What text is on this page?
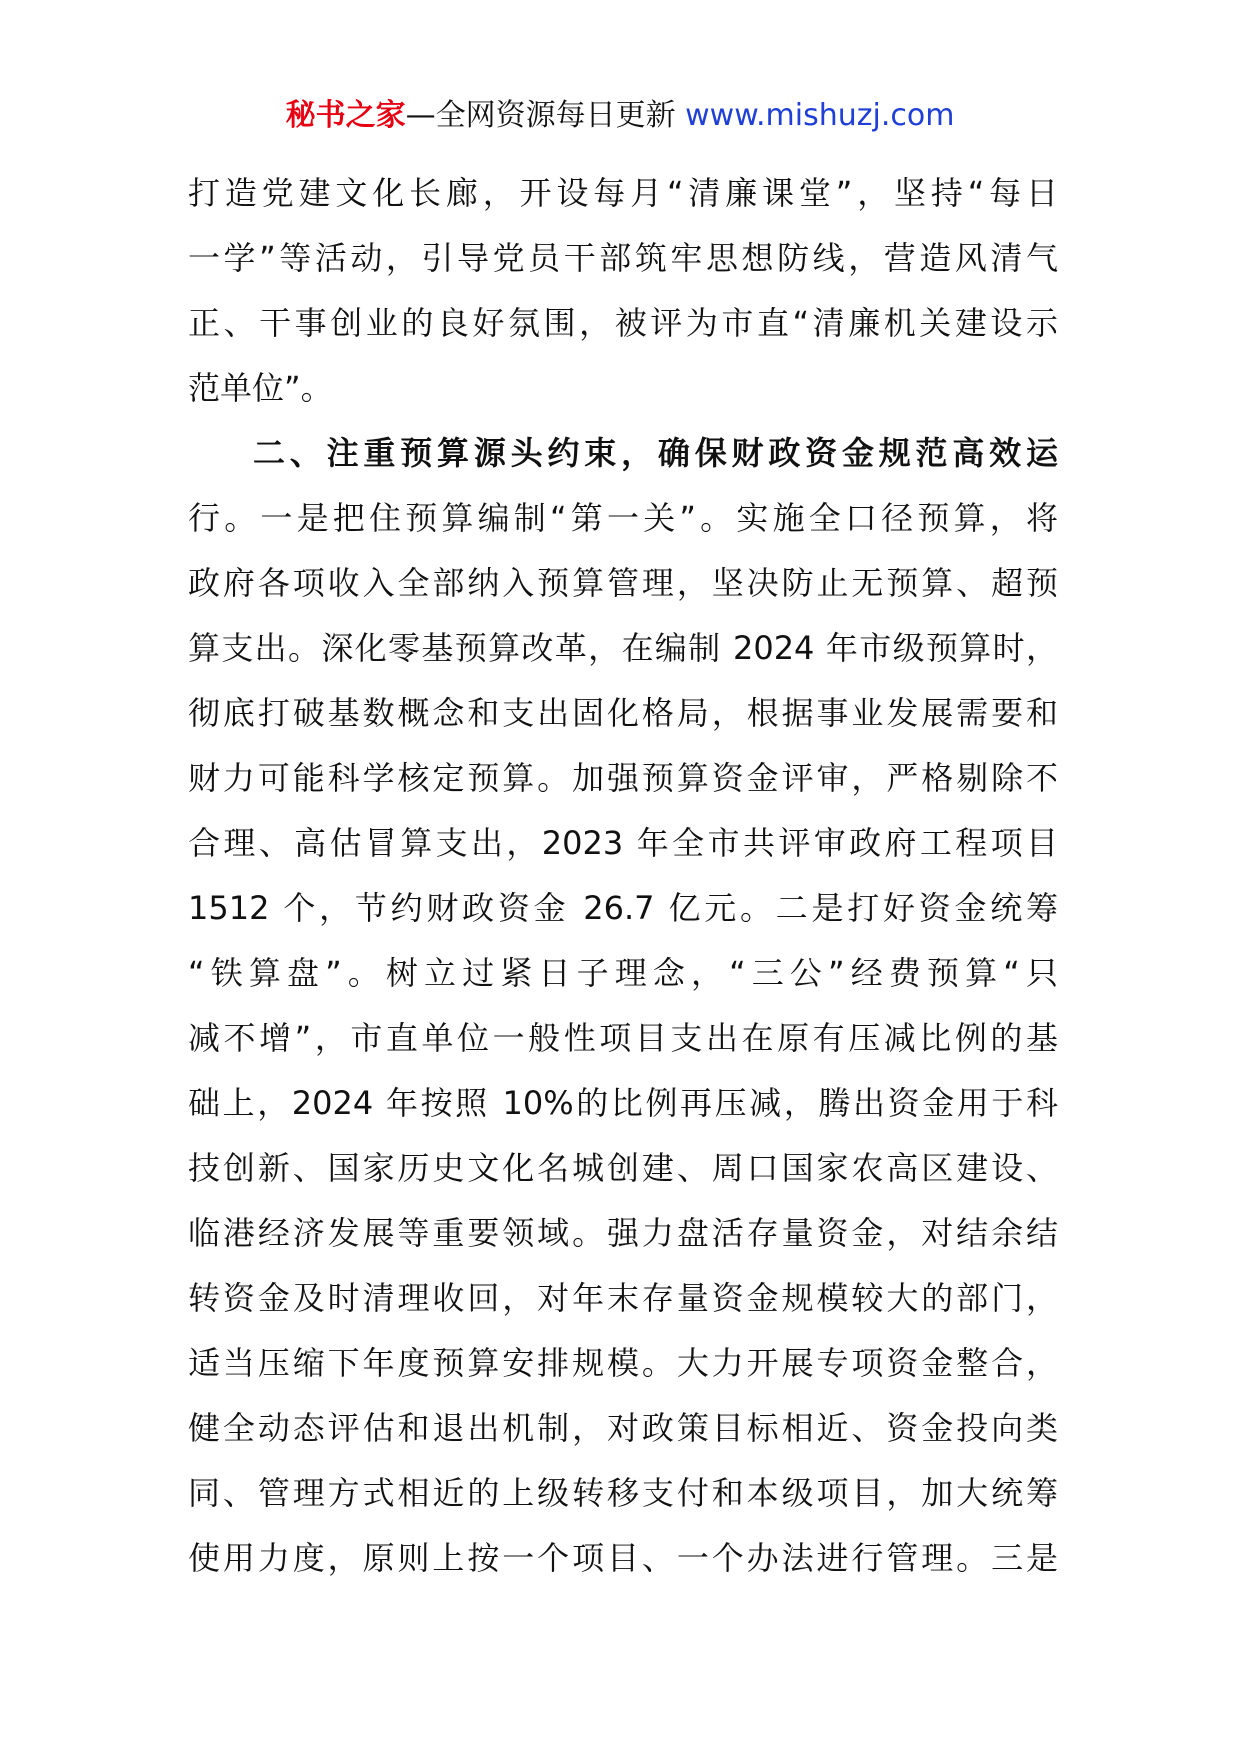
秘书之家—全网资源每日更新 www.mishuzj.com
打造党建文化长廊，开设每月“清廉课堂”，坚持“每日
一学”等活动，引导党员干部筑牢思想防线，营造风清气
正、干事创业的良好氛围，被评为市直“清廉机关建设示
范单位”。
二、注重预算源头约束，确保财政资金规范高效运
行。一是把住预算编制“第一关”。实施全口径预算，将
政府各项收入全部纳入预算管理，坚决防止无预算、超预
算支出。深化零基预算改革，在编制 2024 年市级预算时，
彻底打破基数概念和支出固化格局，根据事业发展需要和
财力可能科学核定预算。加强预算资金评审，严格剔除不
合理、高估冒算支出，2023 年全市共评审政府工程项目
1512 个，节约财政资金 26.7 亿元。二是打好资金统筹
“铁算盘”。树立过紧日子理念，“三公”经费预算“只
减不增”，市直单位一般性项目支出在原有压减比例的基
础上，2024 年按照 10%的比例再压减，腾出资金用于科
技创新、国家历史文化名城创建、周口国家农高区建设、
临港经济发展等重要领域。强力盘活存量资金，对结余结
转资金及时清理收回，对年末存量资金规模较大的部门，
适当压缩下年度预算安排规模。大力开展专项资金整合，
健全动态评估和退出机制，对政策目标相近、资金投向类
同、管理方式相近的上级转移支付和本级项目，加大统筹
使用力度，原则上按一个项目、一个办法进行管理。三是
